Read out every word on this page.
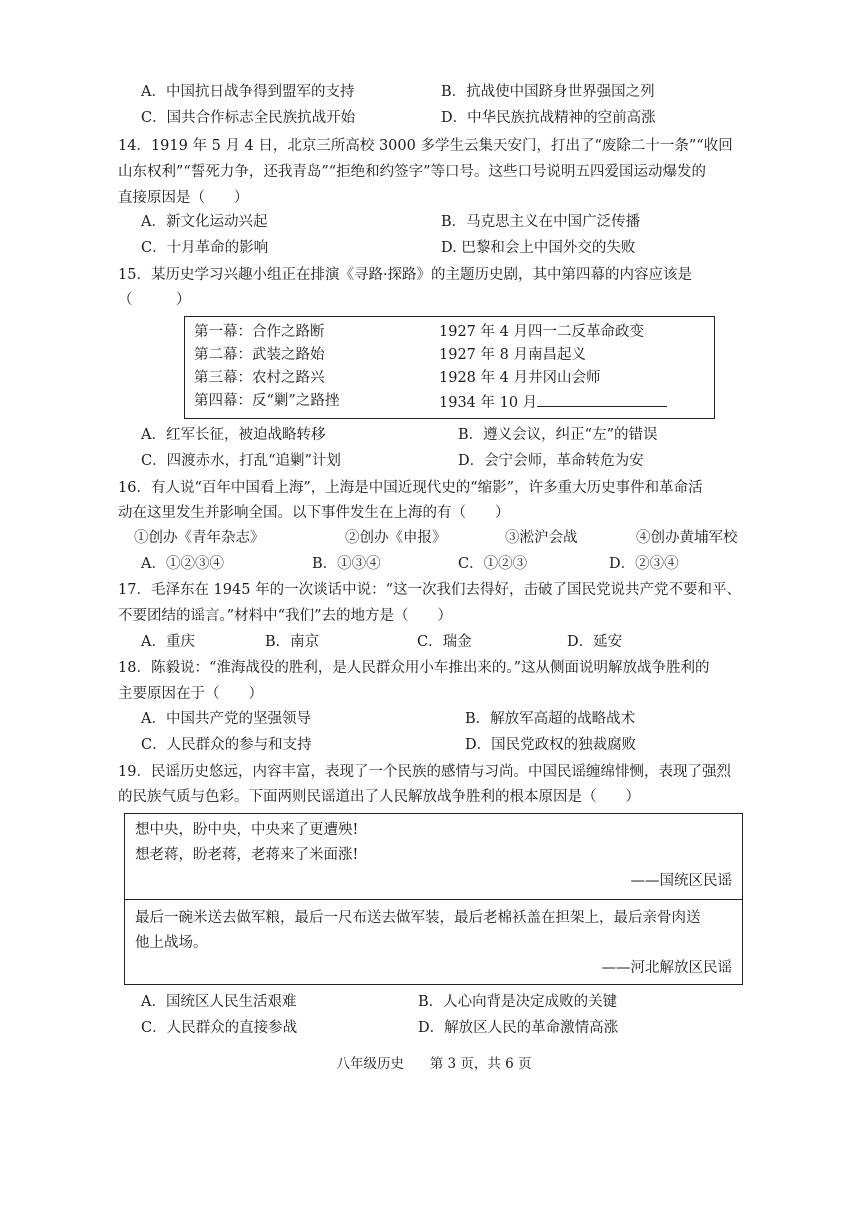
A．中国抗日战争得到盟军的支持	B．抗战使中国跻身世界强国之列
C．国共合作标志全民族抗战开始	D．中华民族抗战精神的空前高涨
14．1919 年 5 月 4 日，北京三所高校 3000 多学生云集天安门，打出了“废除二十一条”“收回
山东权利”“誓死力争，还我青岛”“拒绝和约签字”等口号。这些口号说明五四爱国运动爆发的
直接原因是（　　）
A．新文化运动兴起	B．马克思主义在中国广泛传播
C．十月革命的影响	D. 巴黎和会上中国外交的失败
15．某历史学习兴趣小组正在排演《寻路·探路》的主题历史剧，其中第四幕的内容应该是
（　　　）
第一幕：合作之路断	1927 年 4 月四一二反革命政变
第二幕：武装之路始	1927 年 8 月南昌起义
第三幕：农村之路兴	1928 年 4 月井冈山会师
第四幕：反“剿”之路挫	1934 年 10 月
A．红军长征，被迫战略转移	B．遵义会议，纠正“左”的错误
C．四渡赤水，打乱“追剿”计划	D．会宁会师，革命转危为安
16．有人说“百年中国看上海”，上海是中国近现代史的“缩影”，许多重大历史事件和革命活
动在这里发生并影响全国。以下事件发生在上海的有（　　）
①创办《青年杂志》	②创办《申报》	③淞沪会战	④创办黄埔军校
A．①②③④	B．①③④	C．①②③	D．②③④
17．毛泽东在 1945 年的一次谈话中说：“这一次我们去得好，击破了国民党说共产党不要和平、
不要团结的谣言。”材料中“我们”去的地方是（　　）
A．重庆	B．南京	C．瑞金	D．延安
18．陈毅说：“淮海战役的胜利，是人民群众用小车推出来的。”这从侧面说明解放战争胜利的
主要原因在于（　　）
A．中国共产党的坚强领导	B．解放军高超的战略战术
C．人民群众的参与和支持	D．国民党政权的独裁腐败
19．民谣历史悠远，内容丰富，表现了一个民族的感情与习尚。中国民谣缠绵悱恻，表现了强烈
的民族气质与色彩。下面两则民谣道出了人民解放战争胜利的根本原因是（　　）
想中央，盼中央，中央来了更遭殃!
想老蒋，盼老蒋，老蒋来了米面涨!
——国统区民谣
最后一碗米送去做军粮，最后一尺布送去做军装，最后老棉袄盖在担架上，最后亲骨肉送
他上战场。
——河北解放区民谣
A．国统区人民生活艰难	B．人心向背是决定成败的关键
C．人民群众的直接参战	D．解放区人民的革命激情高涨
八年级历史 第 3 页，共 6 页
